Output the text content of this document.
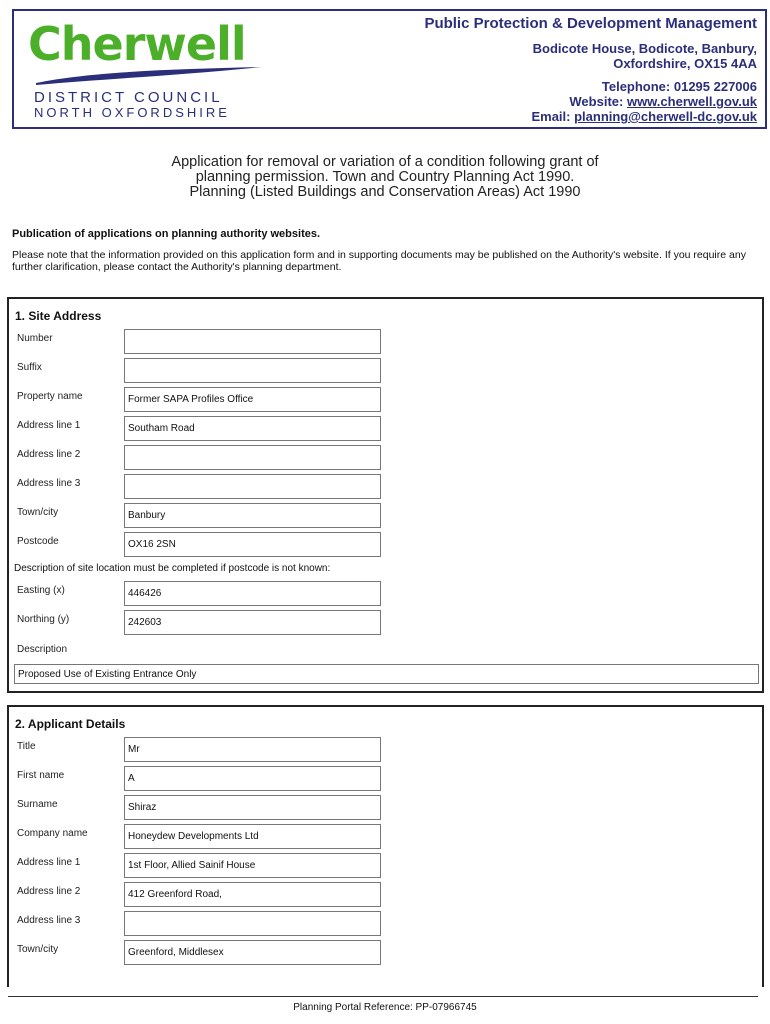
Cherwell
DISTRICT COUNCIL
NORTH OXFORDSHIRE
Public Protection & Development Management
Bodicote House, Bodicote, Banbury,
Oxfordshire, OX15 4AA
Telephone: 01295 227006
Website: www.cherwell.gov.uk
Email: planning@cherwell-dc.gov.uk
Application for removal or variation of a condition following grant of
planning permission. Town and Country Planning Act 1990.
Planning (Listed Buildings and Conservation Areas) Act 1990
Publication of applications on planning authority websites.
Please note that the information provided on this application form and in supporting documents may be published on the Authority's website. If you require any further clarification, please contact the Authority's planning department.
1. Site Address
Number
Suffix
Property name	Former SAPA Profiles Office
Address line 1	Southam Road
Address line 2
Address line 3
Town/city	Banbury
Postcode	OX16 2SN
Description of site location must be completed if postcode is not known:
Easting (x)	446426
Northing (y)	242603
Description
Proposed Use of Existing Entrance Only
2. Applicant Details
Title	Mr
First name	A
Surname	Shiraz
Company name	Honeydew Developments Ltd
Address line 1	1st Floor, Allied Sainif House
Address line 2	412 Greenford Road,
Address line 3
Town/city	Greenford, Middlesex
Planning Portal Reference: PP-07966745
